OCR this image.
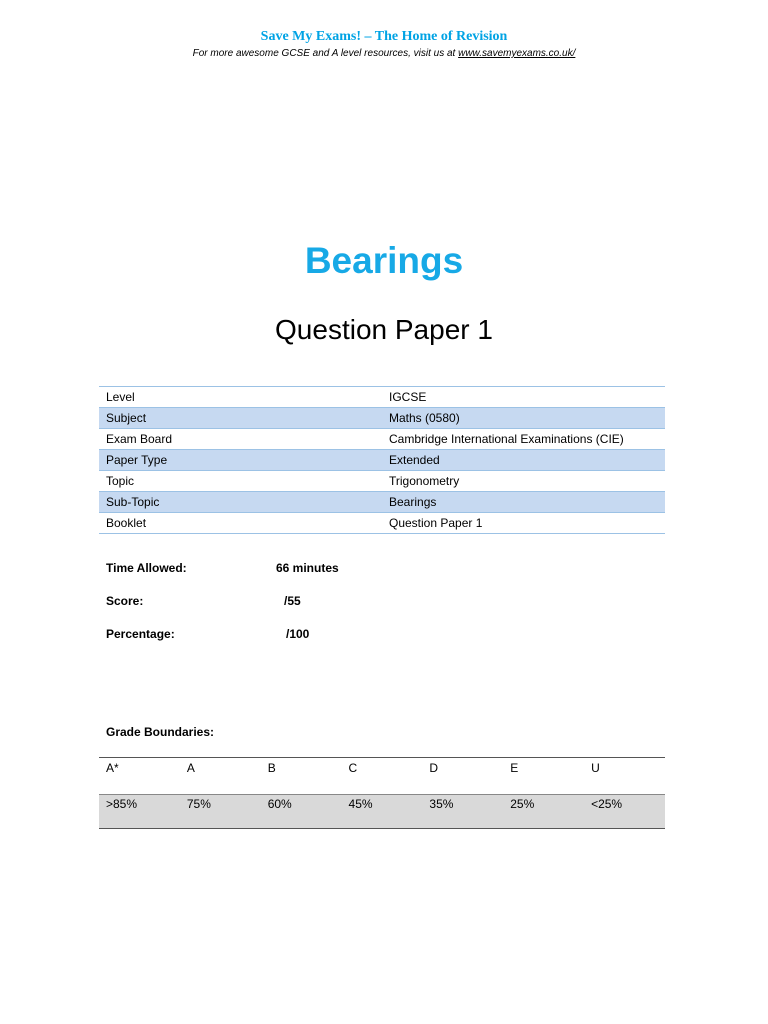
Save My Exams! – The Home of Revision
For more awesome GCSE and A level resources, visit us at www.savemyexams.co.uk/
Bearings
Question Paper 1
Level	IGCSE
Subject	Maths (0580)
Exam Board	Cambridge International Examinations (CIE)
Paper Type	Extended
Topic	Trigonometry
Sub-Topic	Bearings
Booklet	Question Paper 1
Time Allowed:	66 minutes
Score:	/55
Percentage:	/100
Grade Boundaries:
A*	A	B	C	D	E	U
>85%	75%	60%	45%	35%	25%	<25%
